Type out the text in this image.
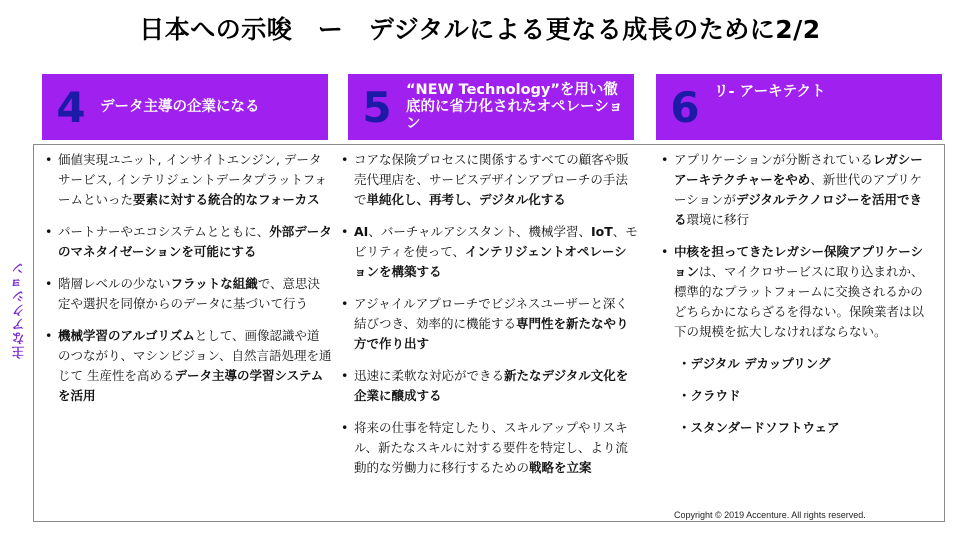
日本への示唆　ー　デジタルによる更なる成長のために2/2
4 データ主導の企業になる	5 “NEW Technology”を用い徹底的に省力化されたオペレーション	6 リ- アーキテクト
主なアクション
• 価値実現ユニット, インサイトエンジン, データサービス, インテリジェントデータプラットフォームといった要素に対する統合的なフォーカス
• パートナーやエコシステムとともに、外部データのマネタイゼーションを可能にする
• 階層レベルの少ないフラットな組織で、意思決定や選択を同僚からのデータに基づいて行う
• 機械学習のアルゴリズムとして、画像認識や道のつながり、マシンビジョン、自然言語処理を通じて 生産性を高めるデータ主導の学習システムを活用
• コアな保険プロセスに関係するすべての顧客や販売代理店を、サービスデザインアプローチの手法で単純化し、再考し、デジタル化する
• AI、バーチャルアシスタント、機械学習、IoT、モビリティを使って、インテリジェントオペレーションを構築する
• アジャイルアプローチでビジネスユーザーと深く結びつき、効率的に機能する専門性を新たなやり方で作り出す
• 迅速に柔軟な対応ができる新たなデジタル文化を企業に醸成する
• 将来の仕事を特定したり、スキルアップやリスキル、新たなスキルに対する要件を特定し、より流動的な労働力に移行するための戦略を立案
• アプリケーションが分断されているレガシーアーキテクチャーをやめ、新世代のアプリケーションがデジタルテクノロジーを活用できる環境に移行
• 中核を担ってきたレガシー保険アプリケーションは、マイクロサービスに取り込まれか、標準的なプラットフォームに交換されるかのどちらかにならざるを得ない。保険業者は以下の規模を拡大しなければならない。
・デジタル デカップリング
・クラウド
・スタンダードソフトウェア
Copyright © 2019 Accenture. All rights reserved.
